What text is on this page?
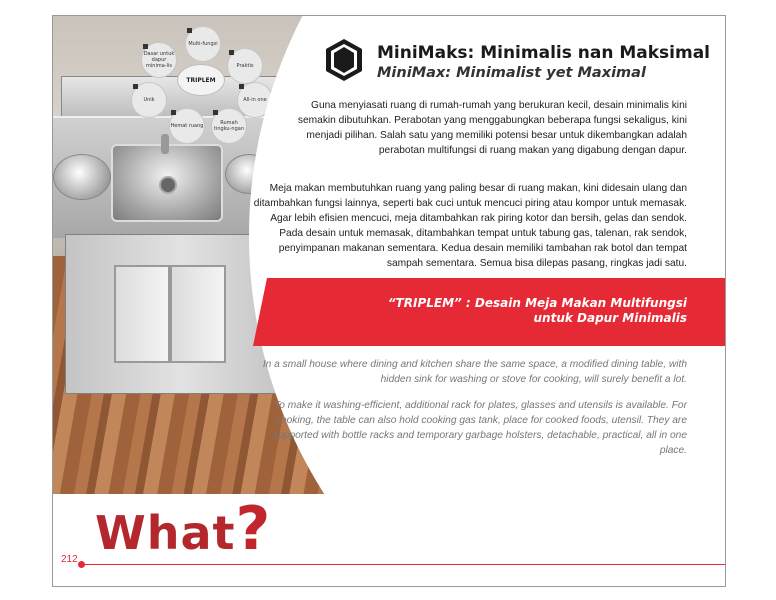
Multi-fungsi
Praktis
All-in one
Rumah tingku-ngan
Hemat ruang
Unik
Dasar untuk dapur minima-lis
TRIPLEM
MiniMaks: Minimalis nan Maksimal
MiniMax: Minimalist yet Maximal
Guna menyiasati ruang di rumah-rumah yang berukuran kecil, desain minimalis kini semakin dibutuhkan. Perabotan yang menggabungkan beberapa fungsi sekaligus, kini menjadi pilihan. Salah satu yang memiliki potensi besar untuk dikembangkan adalah perabotan multifungsi di ruang makan yang digabung dengan dapur.
Meja makan membutuhkan ruang yang paling besar di ruang makan, kini didesain ulang dan ditambahkan fungsi lainnya, seperti bak cuci untuk mencuci piring atau kompor untuk memasak. Agar lebih efisien mencuci, meja ditambahkan rak piring kotor dan bersih, gelas dan sendok. Pada desain untuk memasak, ditambahkan tempat untuk tabung gas, talenan, rak sendok, penyimpanan makanan sementara. Kedua desain memiliki tambahan rak botol dan tempat sampah sementara. Semua bisa dilepas pasang, ringkas jadi satu.
“TRIPLEM” : Desain Meja Makan Multifungsi
untuk Dapur Minimalis
In a small house where dining and kitchen share the same space, a modified dining table, with hidden sink for washing or stove for cooking, will surely benefit a lot.
To make it washing-efficient, additional rack for plates, glasses and utensils is available. For cooking, the table can also hold cooking gas tank, place for cooked foods, utensil. They are supported with bottle racks and temporary garbage holsters, detachable, practical, all in one place.
What?
212
